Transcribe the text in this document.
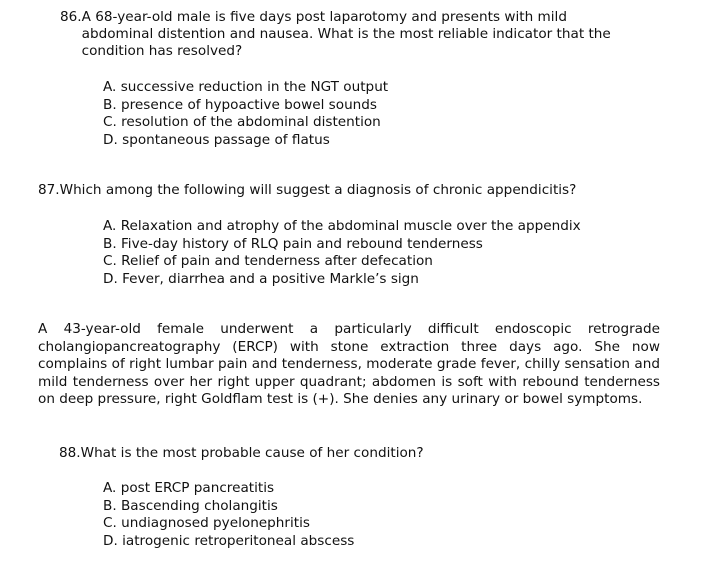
86. A 68-year-old male is five days post laparotomy and presents with mild abdominal distention and nausea. What is the most reliable indicator that the condition has resolved?
A. successive reduction in the NGT output
B. presence of hypoactive bowel sounds
C. resolution of the abdominal distention
D. spontaneous passage of flatus
87. Which among the following will suggest a diagnosis of chronic appendicitis?
A. Relaxation and atrophy of the abdominal muscle over the appendix
B. Five-day history of RLQ pain and rebound tenderness
C. Relief of pain and tenderness after defecation
D. Fever, diarrhea and a positive Markle’s sign

A 43-year-old female underwent a particularly difficult endoscopic retrograde cholangiopancreatography (ERCP) with stone extraction three days ago. She now complains of right lumbar pain and tenderness, moderate grade fever, chilly sensation and mild tenderness over her right upper quadrant; abdomen is soft with rebound tenderness on deep pressure, right Goldflam test is (+). She denies any urinary or bowel symptoms.

88. What is the most probable cause of her condition?
A. post ERCP pancreatitis
B. Bascending cholangitis
C. undiagnosed pyelonephritis
D. iatrogenic retroperitoneal abscess
